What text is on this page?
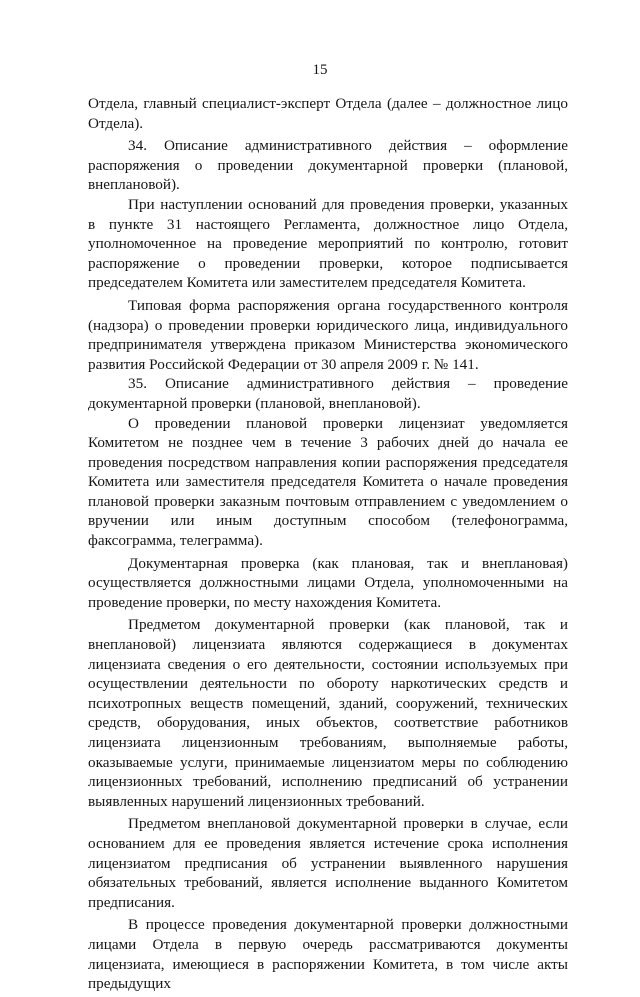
15

Отдела, главный специалист-эксперт Отдела (далее – должностное лицо Отдела).

34. Описание административного действия – оформление распоряжения о проведении документарной проверки (плановой, внеплановой).

При наступлении оснований для проведения проверки, указанных в пункте 31 настоящего Регламента, должностное лицо Отдела, уполномоченное на проведение мероприятий по контролю, готовит распоряжение о проведении проверки, которое подписывается председателем Комитета или заместителем председателя Комитета.

Типовая форма распоряжения органа государственного контроля (надзора) о проведении проверки юридического лица, индивидуального предпринимателя утверждена приказом Министерства экономического развития Российской Федерации от 30 апреля 2009 г. № 141.

35. Описание административного действия – проведение документарной проверки (плановой, внеплановой).

О проведении плановой проверки лицензиат уведомляется Комитетом не позднее чем в течение 3 рабочих дней до начала ее проведения посредством направления копии распоряжения председателя Комитета или заместителя председателя Комитета о начале проведения плановой проверки заказным почтовым отправлением с уведомлением о вручении или иным доступным способом (телефонограмма, факсограмма, телеграмма).

Документарная проверка (как плановая, так и внеплановая) осуществляется должностными лицами Отдела, уполномоченными на проведение проверки, по месту нахождения Комитета.

Предметом документарной проверки (как плановой, так и внеплановой) лицензиата являются содержащиеся в документах лицензиата сведения о его деятельности, состоянии используемых при осуществлении деятельности по обороту наркотических средств и психотропных веществ помещений, зданий, сооружений, технических средств, оборудования, иных объектов, соответствие работников лицензиата лицензионным требованиям, выполняемые работы, оказываемые услуги, принимаемые лицензиатом меры по соблюдению лицензионных требований, исполнению предписаний об устранении выявленных нарушений лицензионных требований.

Предметом внеплановой документарной проверки в случае, если основанием для ее проведения является истечение срока исполнения лицензиатом предписания об устранении выявленного нарушения обязательных требований, является исполнение выданного Комитетом предписания.

В процессе проведения документарной проверки должностными лицами Отдела в первую очередь рассматриваются документы лицензиата, имеющиеся в распоряжении Комитета, в том числе акты предыдущих
